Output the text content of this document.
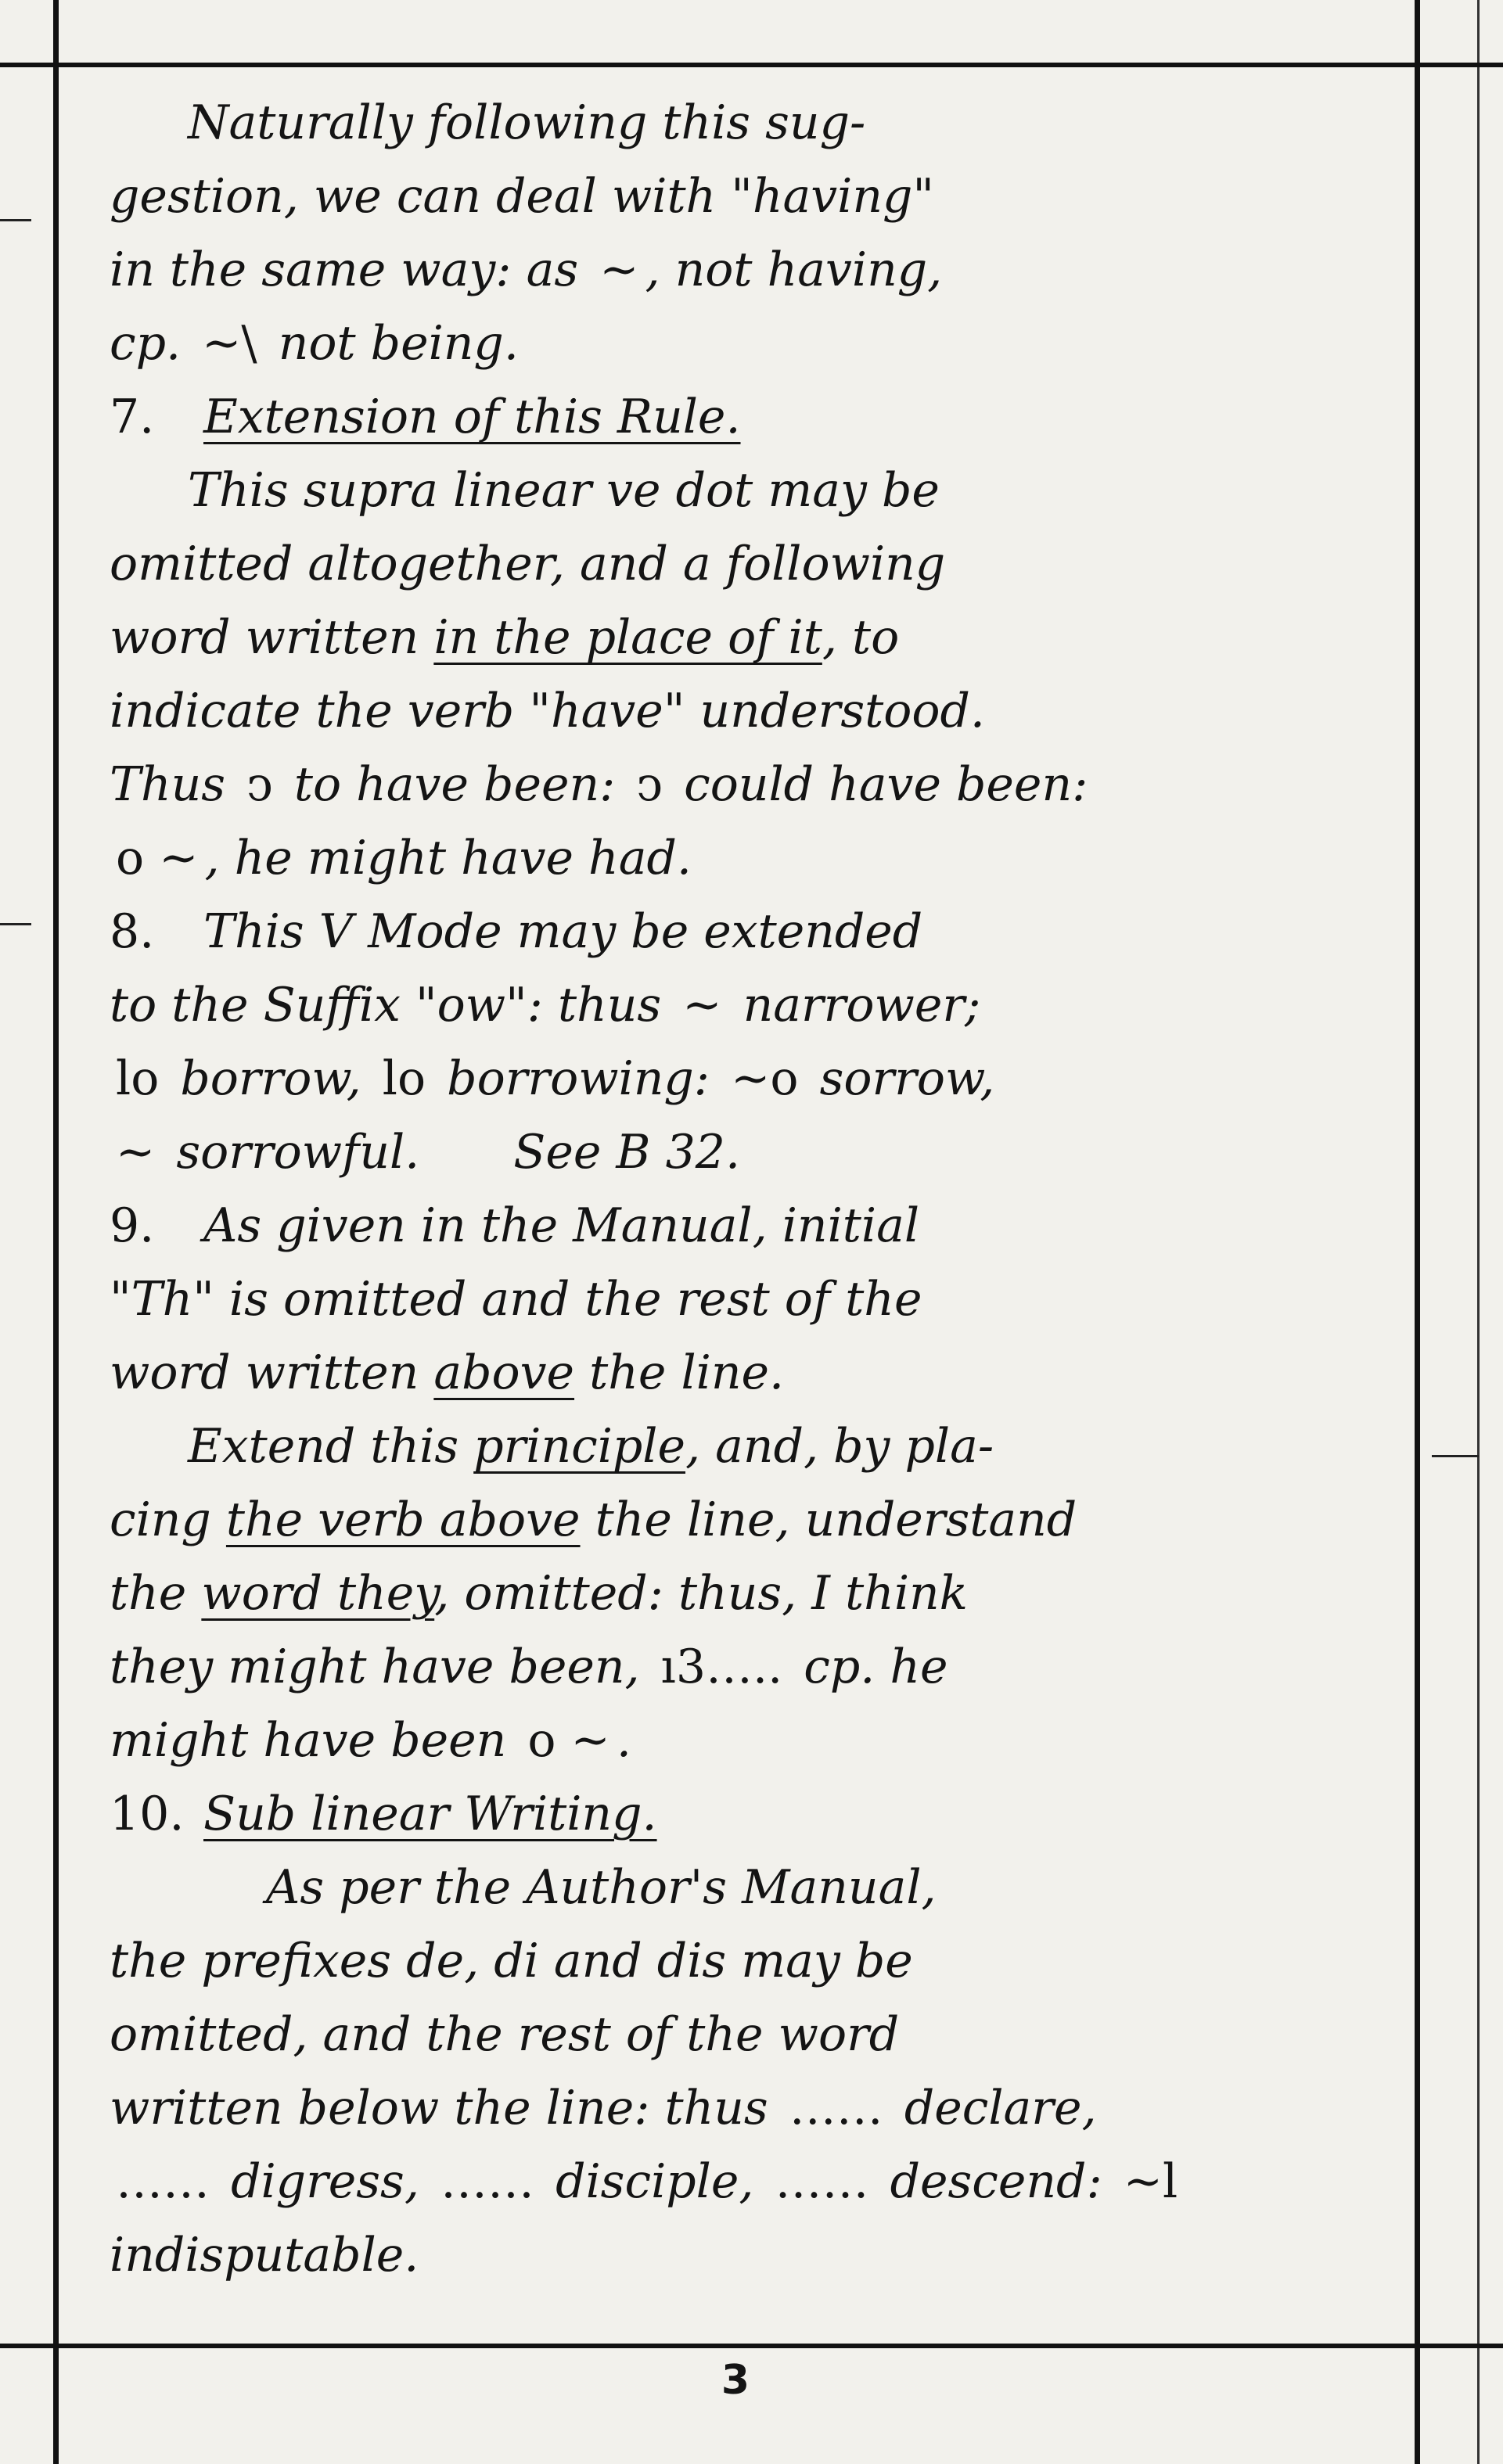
Naturally following this sug-
gestion, we can deal with "having"
in the same way: as ~ , not having,
cp. ~\ not being.
7. Extension of this Rule.
This supra linear ve dot may be
omitted altogether, and a following
word written in the place of it, to
indicate the verb "have" understood.
Thus ↄ to have been: ↄ could have been:
o ~ , he might have had.
8. This V Mode may be extended
to the Suffix "ow": thus ~ narrower;
lo borrow, lo borrowing: ~o sorrow,
~ sorrowful. See B 32.
9. As given in the Manual, initial
"Th" is omitted and the rest of the
word written above the line.
Extend this principle, and, by pla-
cing the verb above the line, understand
the word they, omitted: thus, I think
they might have been, ı3….. cp. he
might have been o ~ .
10. Sub linear Writing.
As per the Author's Manual,
the prefixes de, di and dis may be
omitted, and the rest of the word
written below the line: thus …… declare,
…… digress, …… disciple, …… descend: ~l
indisputable.
3
